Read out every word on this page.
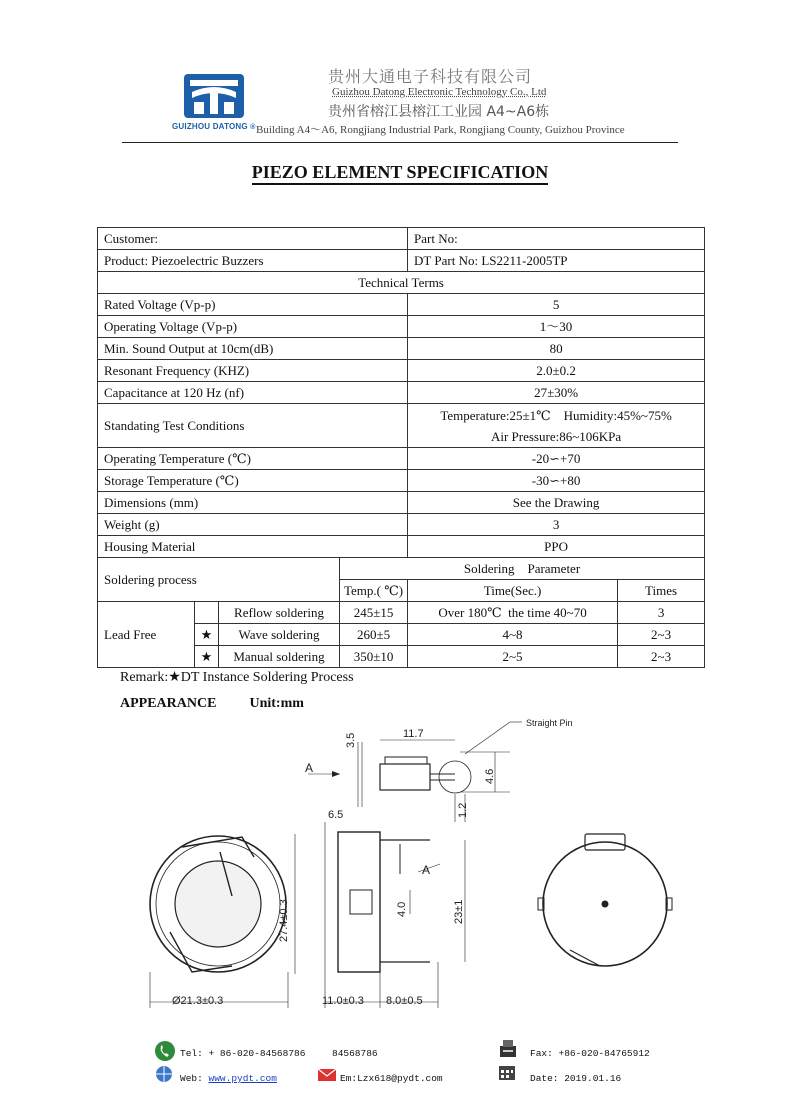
GUIZHOU DATONG ®
贵州大通电子科技有限公司
Guizhou Datong Electronic Technology Co., Ltd
贵州省榕江县榕江工业园 A4~A6栋
Building A4～A6, Rongjiang Industrial Park, Rongjiang County, Guizhou Province
PIEZO ELEMENT SPECIFICATION
Customer:				Part No:	
Product: Piezoelectric Buzzers				DT Part No: LS2211-2005TP	
Technical Terms					
Rated Voltage (Vp-p)				5	
Operating Voltage (Vp-p)				1～30	
Min. Sound Output at 10cm(dB)				80	
Resonant Frequency (KHZ)				2.0±0.2	
Capacitance at 120 Hz (nf)				27±30%	
Standating Test Conditions				Temperature:25±1℃    Humidity:45%~75%
Air Pressure:86~106KPa	

Operating Temperature (℃)				-20∽+70	
Storage Temperature (℃)				-30∽+80	
Dimensions (mm)				See the Drawing	
Weight (g)				3	
Housing Material				PPO	
Soldering process			Soldering    Parameter		
			Temp.( ℃)	Time(Sec.)	Times
Lead Free		Reflow soldering	245±15	Over 180℃  the time 40~70	3
	★	Wave soldering	260±5	4~8	2~3
	★	Manual soldering	350±10	2~5	2~3
Remark:★DT Instance Soldering Process
APPEARANCE Unit:mm
Straight Pin
A
3.5	11.7
4.6
1.2
6.5
4.0	23±1
27.4±0.3
Ø21.3±0.3	11.0±0.3 8.0±0.5
A
Tel: + 86-020-84568786	84568786	Fax: +86-020-84765912
Web: www.pydt.com	Em:Lzx618@pydt.com	Date: 2019.01.16
